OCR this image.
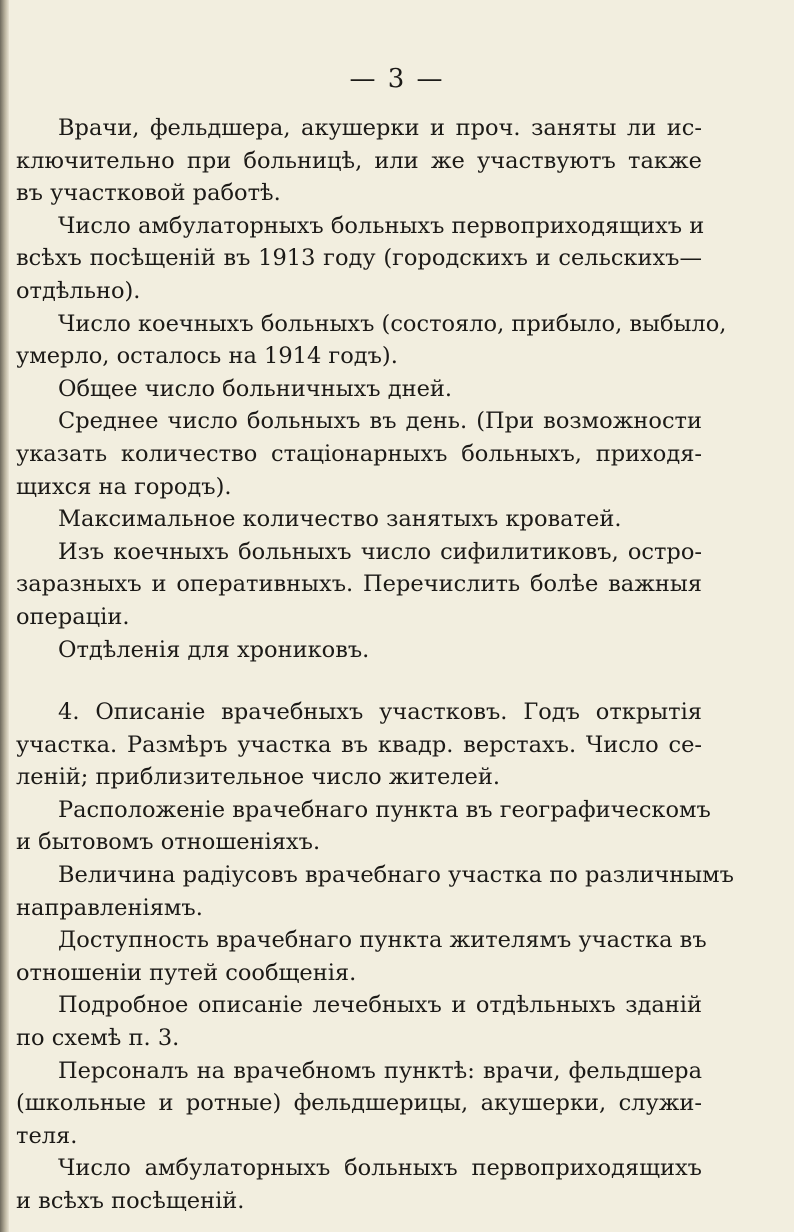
— 3 —
Врачи, фельдшера, акушерки и проч. заняты ли ис-
ключительно при больницѣ, или же участвуютъ также
въ участковой работѣ.
Число амбулаторныхъ больныхъ первоприходящихъ и
всѣхъ посѣщеній въ 1913 году (городскихъ и сельскихъ—
отдѣльно).
Число коечныхъ больныхъ (состояло, прибыло, выбыло,
умерло, осталось на 1914 годъ).
Общее число больничныхъ дней.
Среднее число больныхъ въ день. (При возможности
указать количество стаціонарныхъ больныхъ, приходя-
щихся на городъ).
Максимальное количество занятыхъ кроватей.
Изъ коечныхъ больныхъ число сифилитиковъ, остро-
заразныхъ и оперативныхъ. Перечислить болѣе важныя
операціи.
Отдѣленія для хрониковъ.
4. Описаніе врачебныхъ участковъ. Годъ открытія
участка. Размѣръ участка въ квадр. верстахъ. Число се-
леній; приблизительное число жителей.
Расположеніе врачебнаго пункта въ географическомъ
и бытовомъ отношеніяхъ.
Величина радіусовъ врачебнаго участка по различнымъ
направленіямъ.
Доступность врачебнаго пункта жителямъ участка въ
отношеніи путей сообщенія.
Подробное описаніе лечебныхъ и отдѣльныхъ зданій
по схемѣ п. 3.
Персоналъ на врачебномъ пунктѣ: врачи, фельдшера
(школьные и ротные) фельдшерицы, акушерки, служи-
теля.
Число амбулаторныхъ больныхъ первоприходящихъ
и всѣхъ посѣщеній.
